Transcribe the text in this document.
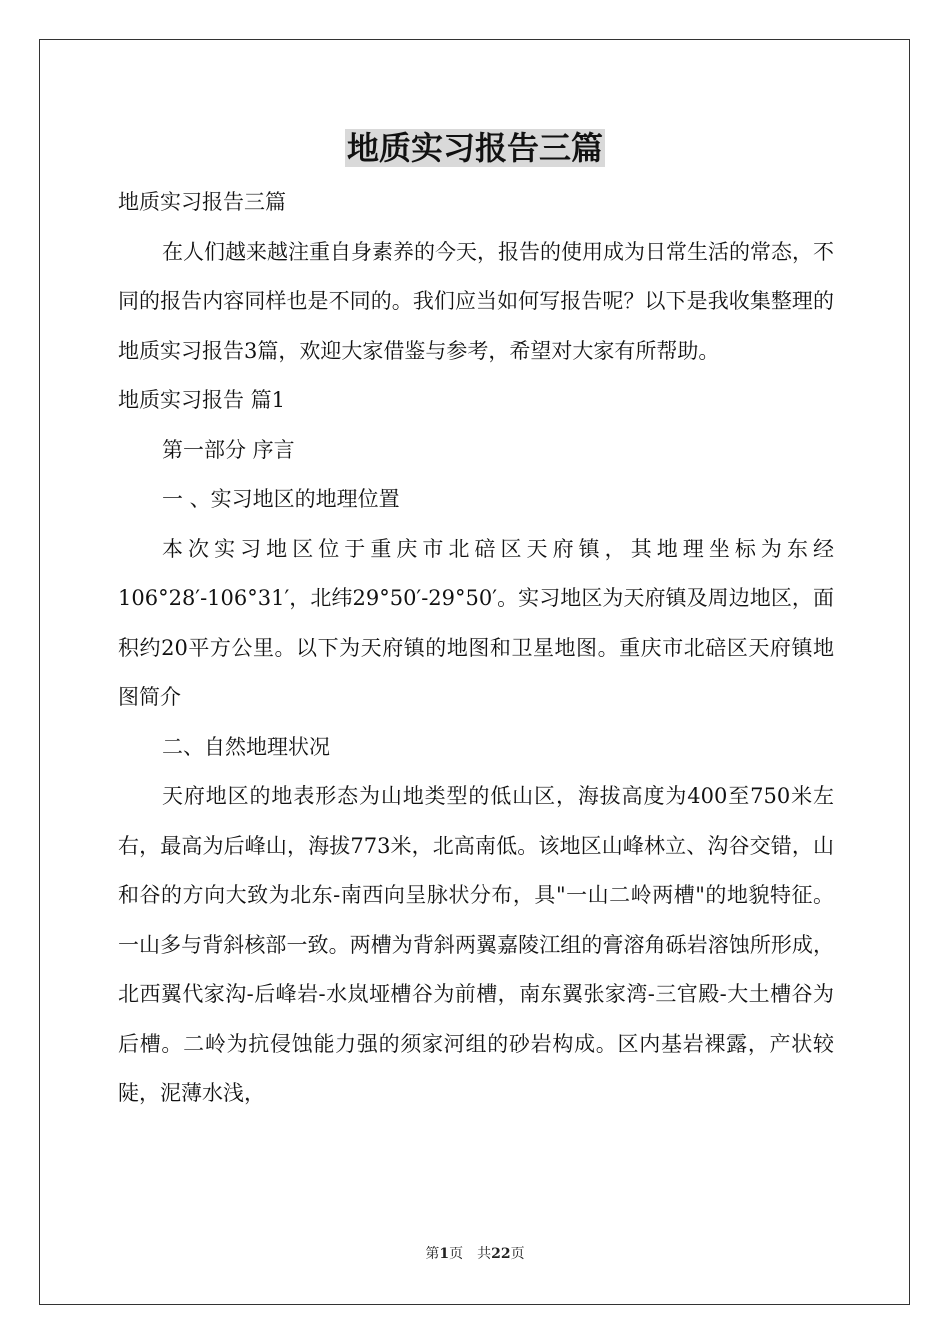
地质实习报告三篇

地质实习报告三篇

在人们越来越注重自身素养的今天，报告的使用成为日常生活的常态，不同的报告内容同样也是不同的。我们应当如何写报告呢？以下是我收集整理的地质实习报告3篇，欢迎大家借鉴与参考，希望对大家有所帮助。

地质实习报告 篇1

第一部分 序言

一 、实习地区的地理位置

本次实习地区位于重庆市北碚区天府镇，其地理坐标为东经106°28′-106°31′，北纬29°50′-29°50′。实习地区为天府镇及周边地区，面积约20平方公里。以下为天府镇的地图和卫星地图。重庆市北碚区天府镇地图简介

二、自然地理状况

天府地区的地表形态为山地类型的低山区，海拔高度为400至750米左右，最高为后峰山，海拔773米，北高南低。该地区山峰林立、沟谷交错，山和谷的方向大致为北东-南西向呈脉状分布，具"一山二岭两槽"的地貌特征。一山多与背斜核部一致。两槽为背斜两翼嘉陵江组的膏溶角砾岩溶蚀所形成，北西翼代家沟-后峰岩-水岚垭槽谷为前槽，南东翼张家湾-三官殿-大土槽谷为后槽。二岭为抗侵蚀能力强的须家河组的砂岩构成。区内基岩裸露，产状较陡，泥薄水浅，

第1页　共22页
